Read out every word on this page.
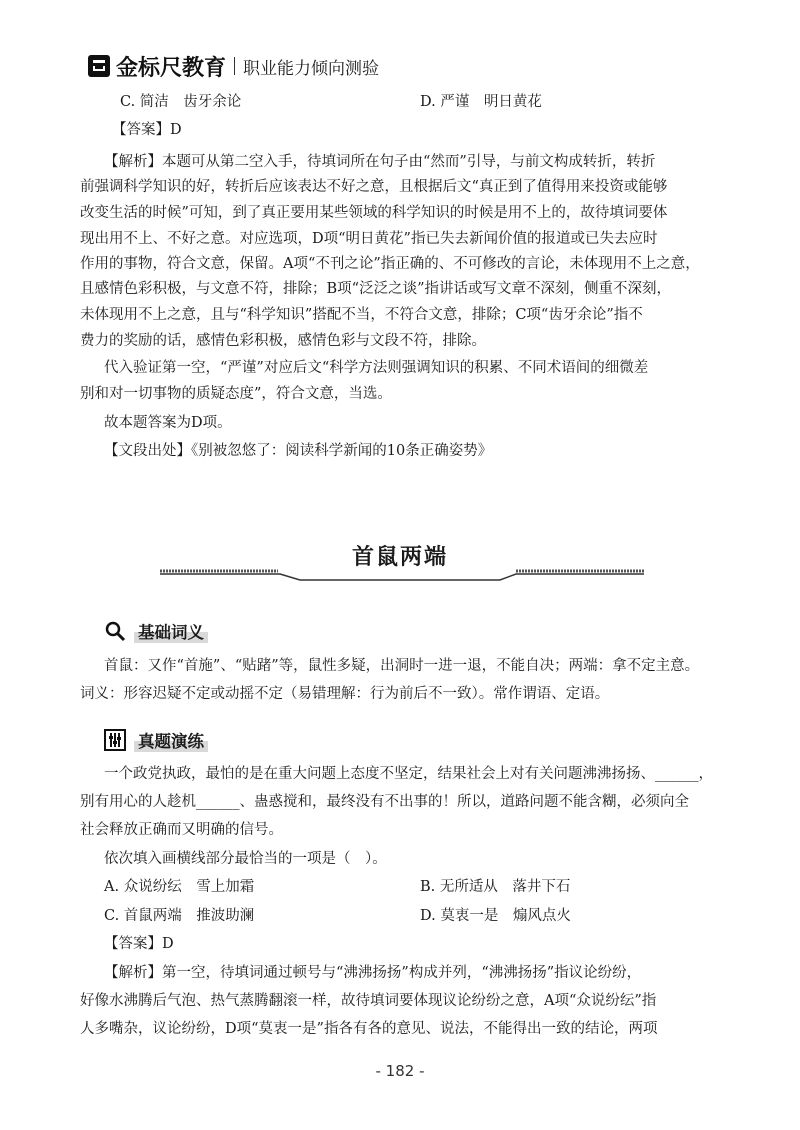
金标尺教育 职业能力倾向测验
C. 简洁　齿牙余论	D. 严谨　明日黄花
【答案】D
【解析】本题可从第二空入手，待填词所在句子由“然而”引导，与前文构成转折，转折
前强调科学知识的好，转折后应该表达不好之意，且根据后文“真正到了值得用来投资或能够
改变生活的时候”可知，到了真正要用某些领域的科学知识的时候是用不上的，故待填词要体
现出用不上、不好之意。对应选项，D项“明日黄花”指已失去新闻价值的报道或已失去应时
作用的事物，符合文意，保留。A项“不刊之论”指正确的、不可修改的言论，未体现用不上之意，
且感情色彩积极，与文意不符，排除；B项“泛泛之谈”指讲话或写文章不深刻，侧重不深刻，
未体现用不上之意，且与“科学知识”搭配不当，不符合文意，排除；C项“齿牙余论”指不
费力的奖励的话，感情色彩积极，感情色彩与文段不符，排除。
代入验证第一空，“严谨”对应后文“科学方法则强调知识的积累、不同术语间的细微差
别和对一切事物的质疑态度”，符合文意，当选。
故本题答案为D项。
【文段出处】《别被忽悠了：阅读科学新闻的10条正确姿势》
首鼠两端
基础词义
首鼠：又作“首施”、“贴踷”等，鼠性多疑，出洞时一进一退，不能自决；两端：拿不定主意。
词义：形容迟疑不定或动摇不定（易错理解：行为前后不一致）。常作谓语、定语。
真题演练
一个政党执政，最怕的是在重大问题上态度不坚定，结果社会上对有关问题沸沸扬扬、______，
别有用心的人趁机______、蛊惑搅和，最终没有不出事的！所以，道路问题不能含糊，必须向全
社会释放正确而又明确的信号。
依次填入画横线部分最恰当的一项是（　）。
A. 众说纷纭　雪上加霜	B. 无所适从　落井下石
C. 首鼠两端　推波助澜	D. 莫衷一是　煽风点火
【答案】D
【解析】第一空，待填词通过顿号与“沸沸扬扬”构成并列，“沸沸扬扬”指议论纷纷，
好像水沸腾后气泡、热气蒸腾翻滚一样，故待填词要体现议论纷纷之意，A项“众说纷纭”指
人多嘴杂，议论纷纷，D项“莫衷一是”指各有各的意见、说法，不能得出一致的结论，两项
- 182 -
